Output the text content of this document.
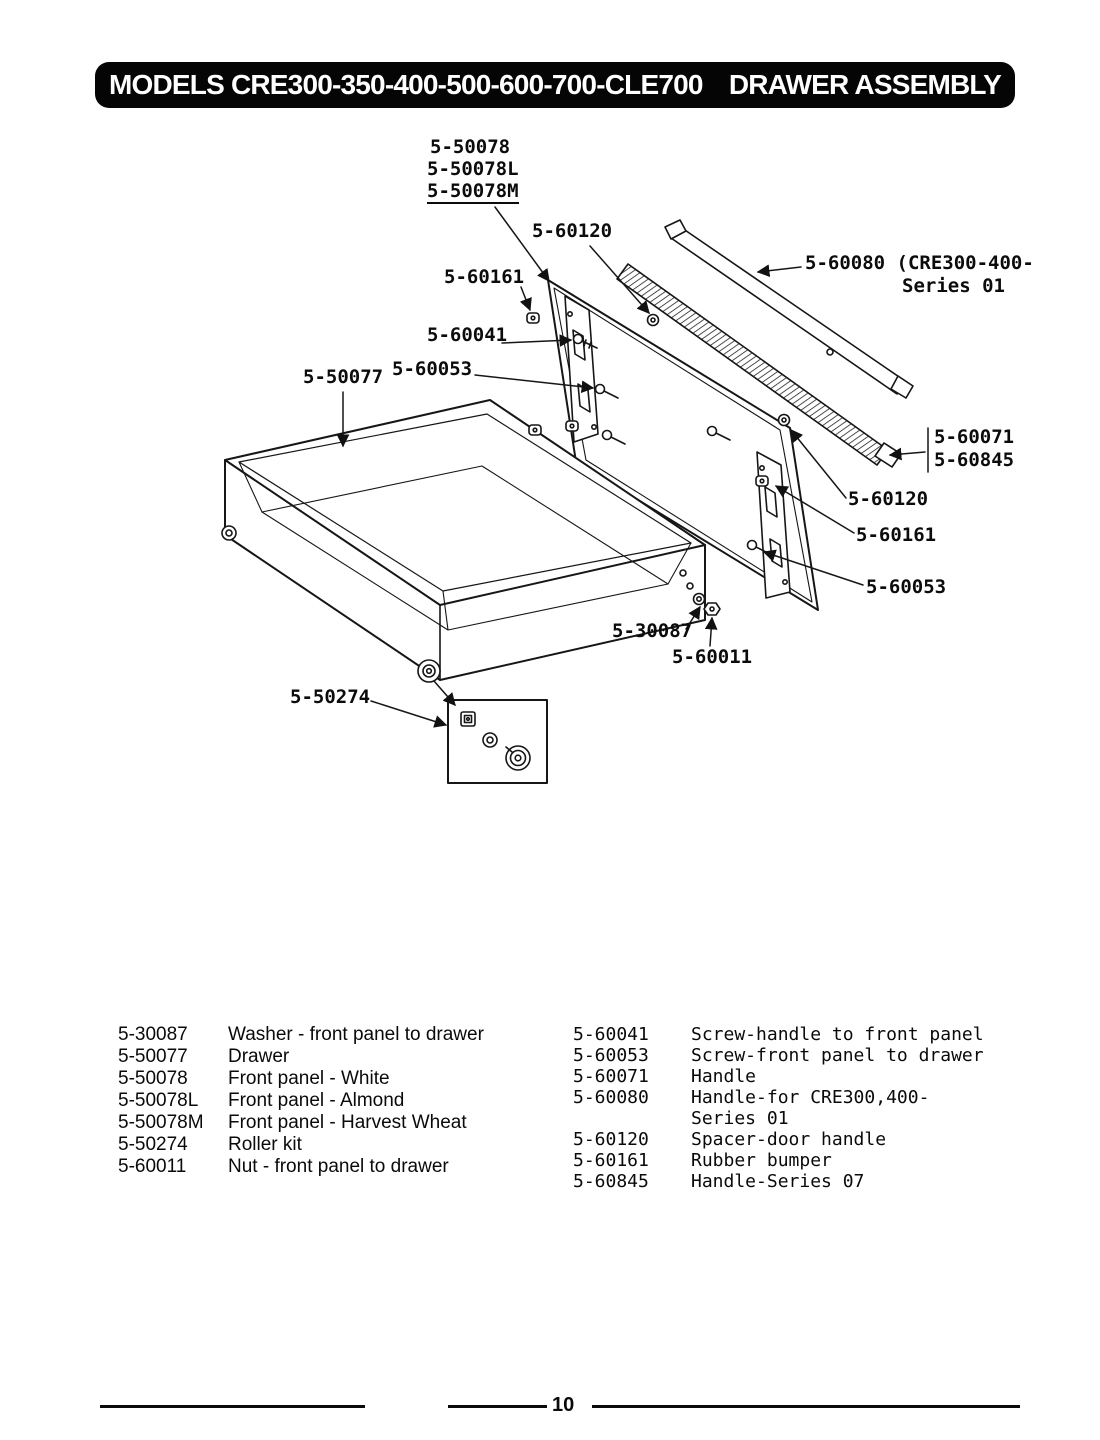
MODELS CRE300-350-400-500-600-700-CLE700 DRAWER ASSEMBLY
5-50078
5-50078L
5-50078M
5-60120
5-60161
5-60041
5-60053
5-50077
5-60080 (CRE300-400-
Series 01
5-60071
5-60845
5-60120
5-60161
5-60053
5-30087
5-60011
5-50274
5-30087	Washer - front panel to drawer
5-50077	Drawer
5-50078	Front panel - White
5-50078L	Front panel - Almond
5-50078M	Front panel - Harvest Wheat
5-50274	Roller kit
5-60011	Nut - front panel to drawer
5-60041	Screw-handle to front panel
5-60053	Screw-front panel to drawer
5-60071	Handle
5-60080	Handle-for CRE300,400-
Series 01
5-60120	Spacer-door handle
5-60161	Rubber bumper
5-60845	Handle-Series 07
10
